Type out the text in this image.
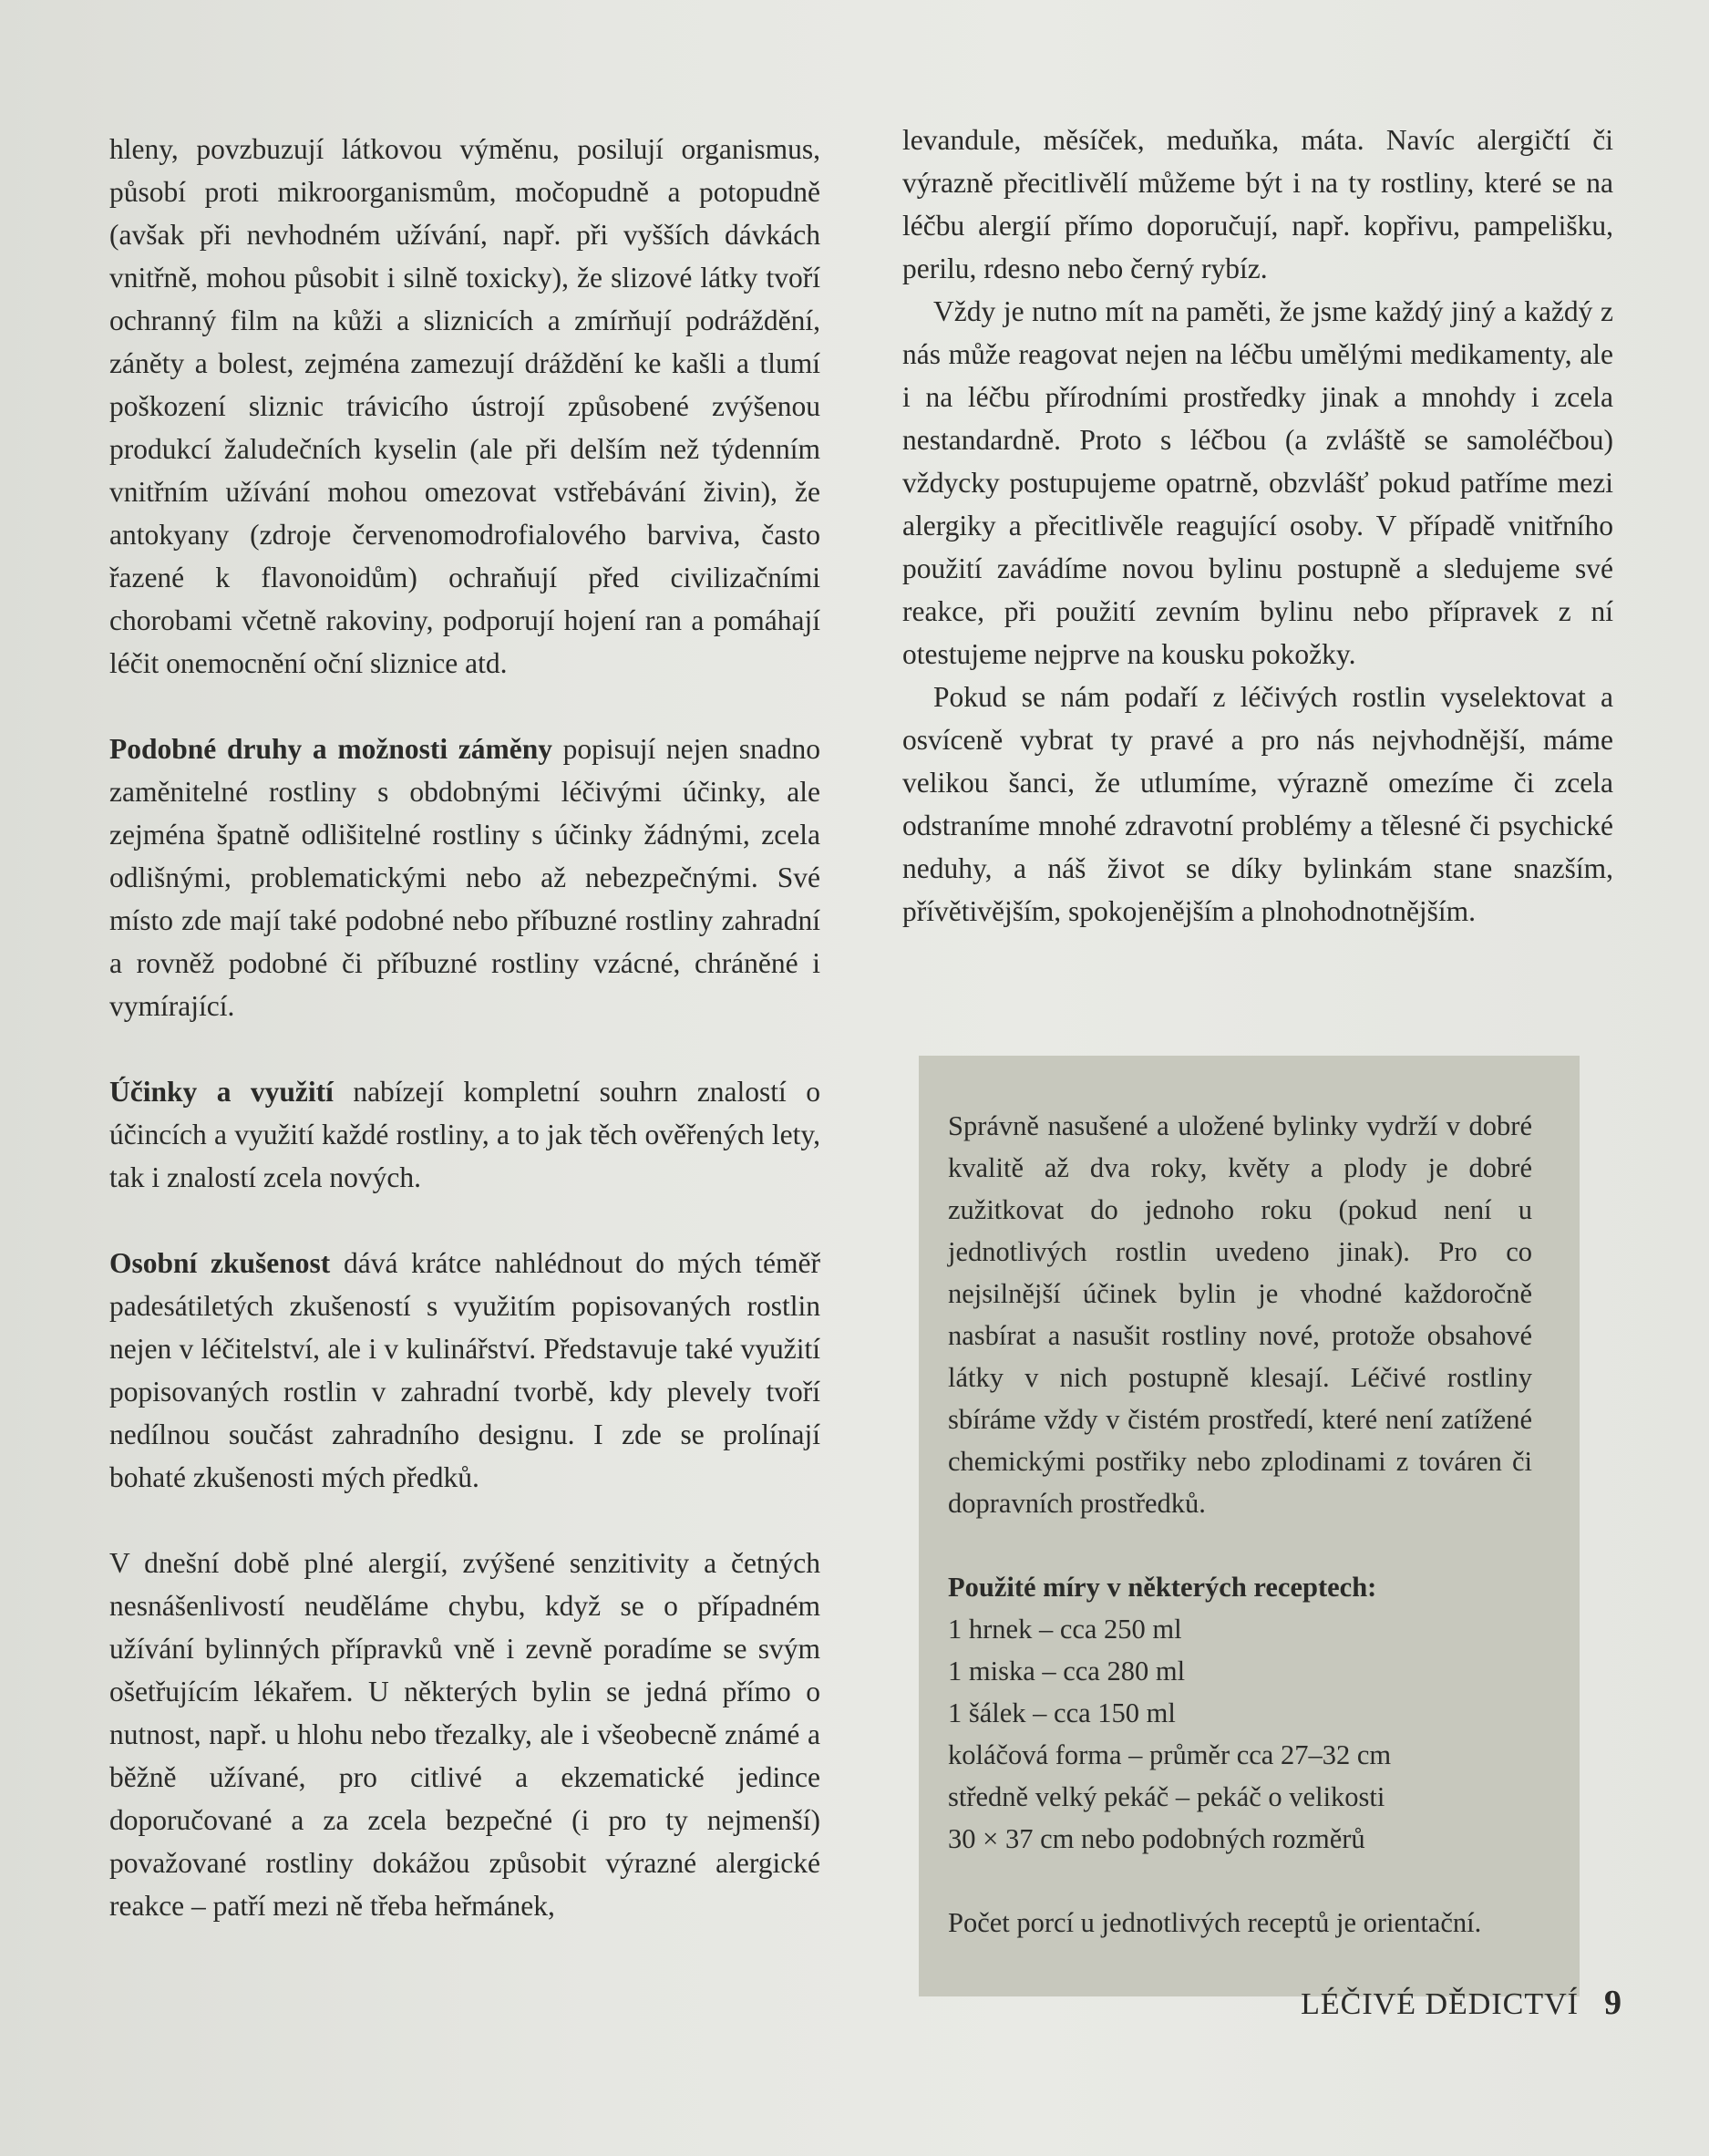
hleny, povzbuzují látkovou výměnu, posilují organismus, působí proti mikroorganismům, močopudně a potopudně (avšak při nevhodném užívání, např. při vyšších dávkách vnitřně, mohou působit i silně toxicky), že slizové látky tvoří ochranný film na kůži a sliznicích a zmírňují podráždění, záněty a bolest, zejména zamezují dráždění ke kašli a tlumí poškození sliznic trávicího ústrojí způsobené zvýšenou produkcí žaludečních kyselin (ale při delším než týdenním vnitřním užívání mohou omezovat vstřebávání živin), že antokyany (zdroje červenomodrofialového barviva, často řazené k flavonoidům) ochraňují před civilizačními chorobami včetně rakoviny, podporují hojení ran a pomáhají léčit onemocnění oční sliznice atd.

Podobné druhy a možnosti záměny popisují nejen snadno zaměnitelné rostliny s obdobnými léčivými účinky, ale zejména špatně odlišitelné rostliny s účinky žádnými, zcela odlišnými, problematickými nebo až nebezpečnými. Své místo zde mají také podobné nebo příbuzné rostliny zahradní a rovněž podobné či příbuzné rostliny vzácné, chráněné i vymírající.

Účinky a využití nabízejí kompletní souhrn znalostí o účincích a využití každé rostliny, a to jak těch ověřených lety, tak i znalostí zcela nových.

Osobní zkušenost dává krátce nahlédnout do mých téměř padesátiletých zkušeností s využitím popisovaných rostlin nejen v léčitelství, ale i v kulinářství. Představuje také využití popisovaných rostlin v zahradní tvorbě, kdy plevely tvoří nedílnou součást zahradního designu. I zde se prolínají bohaté zkušenosti mých předků.

V dnešní době plné alergií, zvýšené senzitivity a četných nesnášenlivostí neuděláme chybu, když se o případném užívání bylinných přípravků vně i zevně poradíme se svým ošetřujícím lékařem. U některých bylin se jedná přímo o nutnost, např. u hlohu nebo třezalky, ale i všeobecně známé a běžně užívané, pro citlivé a ekzematické jedince doporučované a za zcela bezpečné (i pro ty nejmenší) považované rostliny dokážou způsobit výrazné alergické reakce – patří mezi ně třeba heřmánek,

levandule, měsíček, meduňka, máta. Navíc alergičtí či výrazně přecitlivělí můžeme být i na ty rostliny, které se na léčbu alergií přímo doporučují, např. kopřivu, pampelišku, perilu, rdesno nebo černý rybíz.

Vždy je nutno mít na paměti, že jsme každý jiný a každý z nás může reagovat nejen na léčbu umělými medikamenty, ale i na léčbu přírodními prostředky jinak a mnohdy i zcela nestandardně. Proto s léčbou (a zvláště se samoléčbou) vždycky postupujeme opatrně, obzvlášť pokud patříme mezi alergiky a přecitlivěle reagující osoby. V případě vnitřního použití zavádíme novou bylinu postupně a sledujeme své reakce, při použití zevním bylinu nebo přípravek z ní otestujeme nejprve na kousku pokožky.

Pokud se nám podaří z léčivých rostlin vyselektovat a osvíceně vybrat ty pravé a pro nás nejvhodnější, máme velikou šanci, že utlumíme, výrazně omezíme či zcela odstraníme mnohé zdravotní problémy a tělesné či psychické neduhy, a náš život se díky bylinkám stane snazším, přívětivějším, spokojenějším a plnohodnotnějším.

Správně nasušené a uložené bylinky vydrží v dobré kvalitě až dva roky, květy a plody je dobré zužitkovat do jednoho roku (pokud není u jednotlivých rostlin uvedeno jinak). Pro co nejsilnější účinek bylin je vhodné každoročně nasbírat a nasušit rostliny nové, protože obsahové látky v nich postupně klesají. Léčivé rostliny sbíráme vždy v čistém prostředí, které není zatížené chemickými postřiky nebo zplodinami z továren či dopravních prostředků.

Použité míry v některých receptech:

1 hrnek – cca 250 ml

1 miska – cca 280 ml

1 šálek – cca 150 ml

koláčová forma – průměr cca 27–32 cm

středně velký pekáč – pekáč o velikosti

30 × 37 cm nebo podobných rozměrů

Počet porcí u jednotlivých receptů je orientační.

LÉČIVÉ DĚDICTVÍ 9
